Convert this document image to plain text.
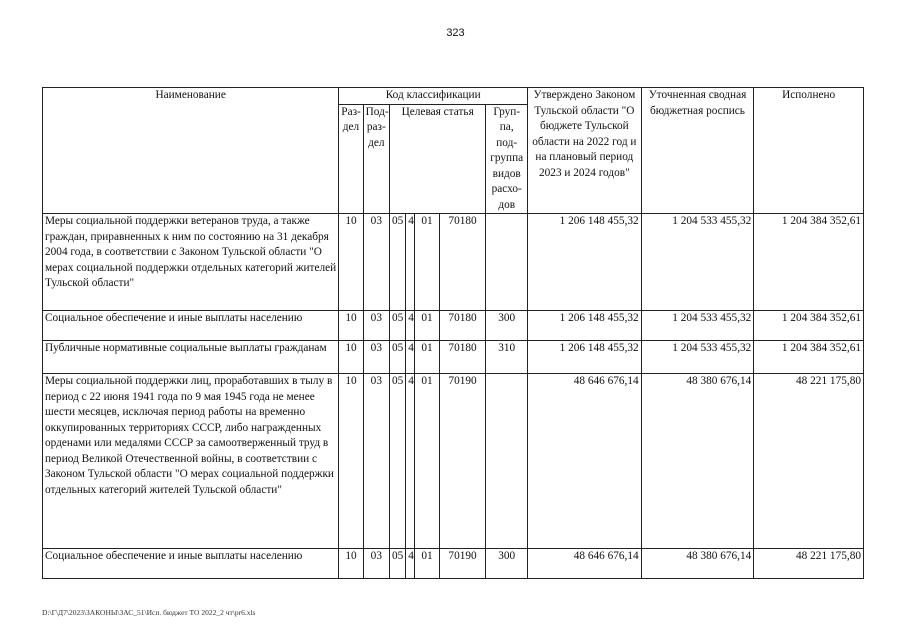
323
Наименование	Код классификации							Утверждено Законом Тульской области "О бюджете Тульской области на 2022 год и на плановый период 2023 и 2024 годов"	Уточненная сводная бюджетная роспись	Исполнено
	Раз-дел	Под-раз-дел	Целевая статья				Груп-па, под-группа видов расхо-дов			
Меры социальной поддержки ветеранов труда, а также граждан, приравненных к ним по состоянию на 31 декабря 2004 года, в соответствии с Законом Тульской области "О мерах социальной поддержки отдельных категорий жителей Тульской области"	10	03	05	4	01	70180		1 206 148 455,32	1 204 533 455,32	1 204 384 352,61
Социальное обеспечение и иные выплаты населению	10	03	05	4	01	70180	300	1 206 148 455,32	1 204 533 455,32	1 204 384 352,61
Публичные нормативные социальные выплаты гражданам	10	03	05	4	01	70180	310	1 206 148 455,32	1 204 533 455,32	1 204 384 352,61
Меры социальной поддержки лиц, проработавших в тылу в период с 22 июня 1941 года по 9 мая 1945 года не менее шести месяцев, исключая период работы на временно оккупированных территориях СССР, либо награжденных орденами или медалями СССР за самоотверженный труд в период Великой Отечественной войны, в соответствии с Законом Тульской области "О мерах социальной поддержки отдельных категорий жителей Тульской области"	10	03	05	4	01	70190		48 646 676,14	48 380 676,14	48 221 175,80
Социальное обеспечение и иные выплаты населению	10	03	05	4	01	70190	300	48 646 676,14	48 380 676,14	48 221 175,80
D:\Г\Д7\2023\ЗАКОНЫ\ЗАС_51\Исп. бюджет ТО 2022_2 чт\pr6.xls
